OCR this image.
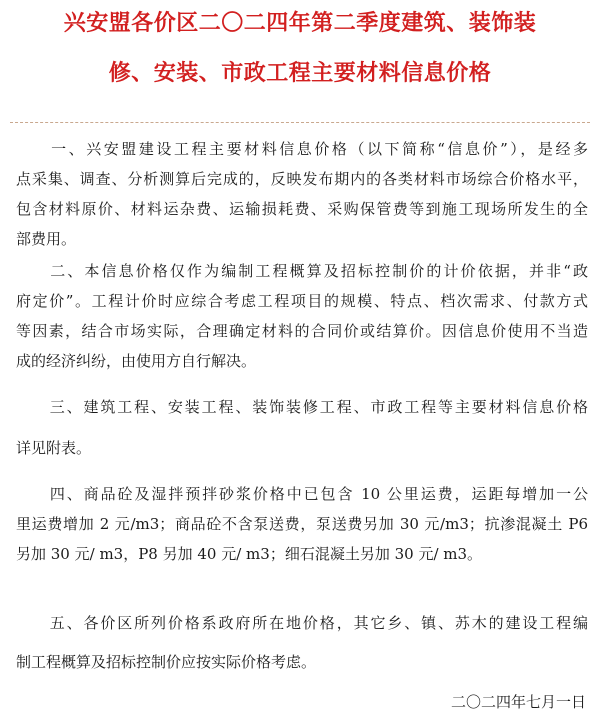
兴安盟各价区二〇二四年第二季度建筑、装饰装
修、安装、市政工程主要材料信息价格
　　一、兴安盟建设工程主要材料信息价格（以下简称“信息价”），是经多
点采集、调查、分析测算后完成的，反映发布期内的各类材料市场综合价格水平，
包含材料原价、材料运杂费、运输损耗费、采购保管费等到施工现场所发生的全
部费用。
　　二、本信息价格仅作为编制工程概算及招标控制价的计价依据，并非“政
府定价”。工程计价时应综合考虑工程项目的规模、特点、档次需求、付款方式
等因素，结合市场实际，合理确定材料的合同价或结算价。因信息价使用不当造
成的经济纠纷，由使用方自行解决。
　　三、建筑工程、安装工程、装饰装修工程、市政工程等主要材料信息价格
详见附表。
　　四、商品砼及湿拌预拌砂浆价格中已包含 10 公里运费，运距每增加一公
里运费增加 2 元/m3；商品砼不含泵送费，泵送费另加 30 元/m3；抗渗混凝土 P6
另加 30 元/ m3，P8 另加 40 元/ m3；细石混凝土另加 30 元/ m3。
　　五、各价区所列价格系政府所在地价格，其它乡、镇、苏木的建设工程编
制工程概算及招标控制价应按实际价格考虑。
二〇二四年七月一日
